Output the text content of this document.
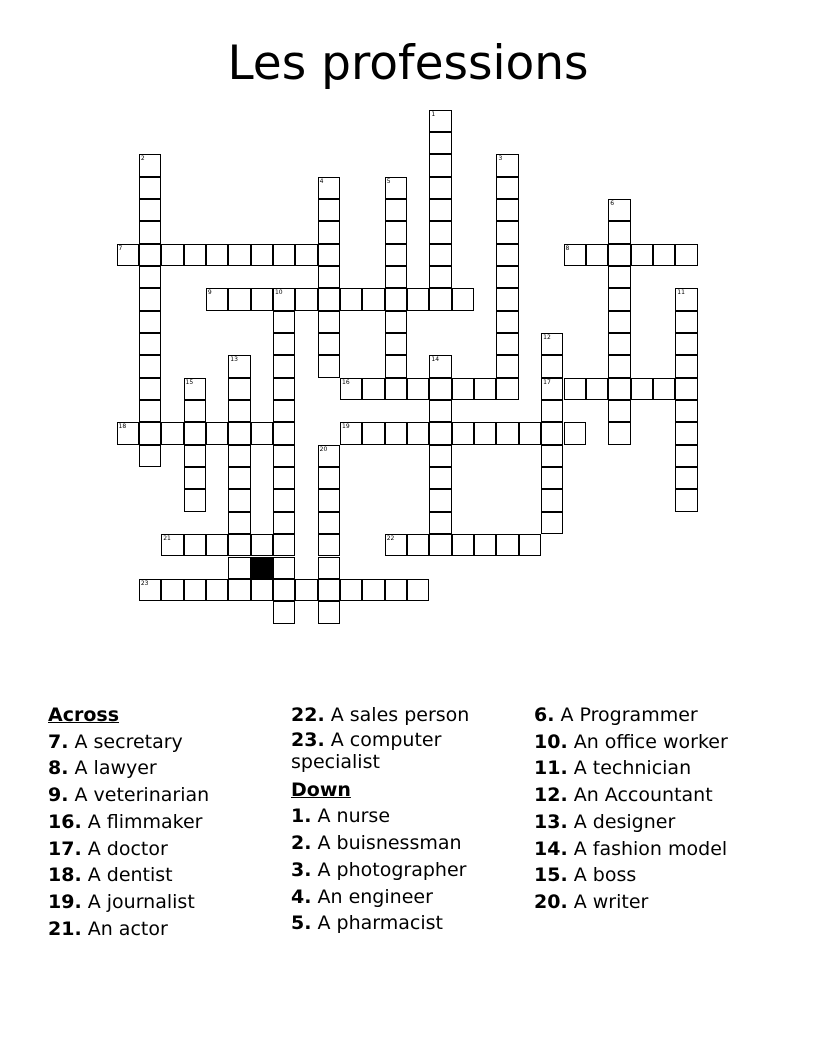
Les professions
1
2	3
4	5
6
7	8
9	10	11
12
17
13	14
15	16
18	19
20
21	22
23
Across
7. A secretary
8. A lawyer
9. A veterinarian
16. A flimmaker
17. A doctor
18. A dentist
19. A journalist
21. An actor
22. A sales person
23. A computer specialist
Down
1. A nurse
2. A buisnessman
3. A photographer
4. An engineer
5. A pharmacist
6. A Programmer
10. An office worker
11. A technician
12. An Accountant
13. A designer
14. A fashion model
15. A boss
20. A writer
